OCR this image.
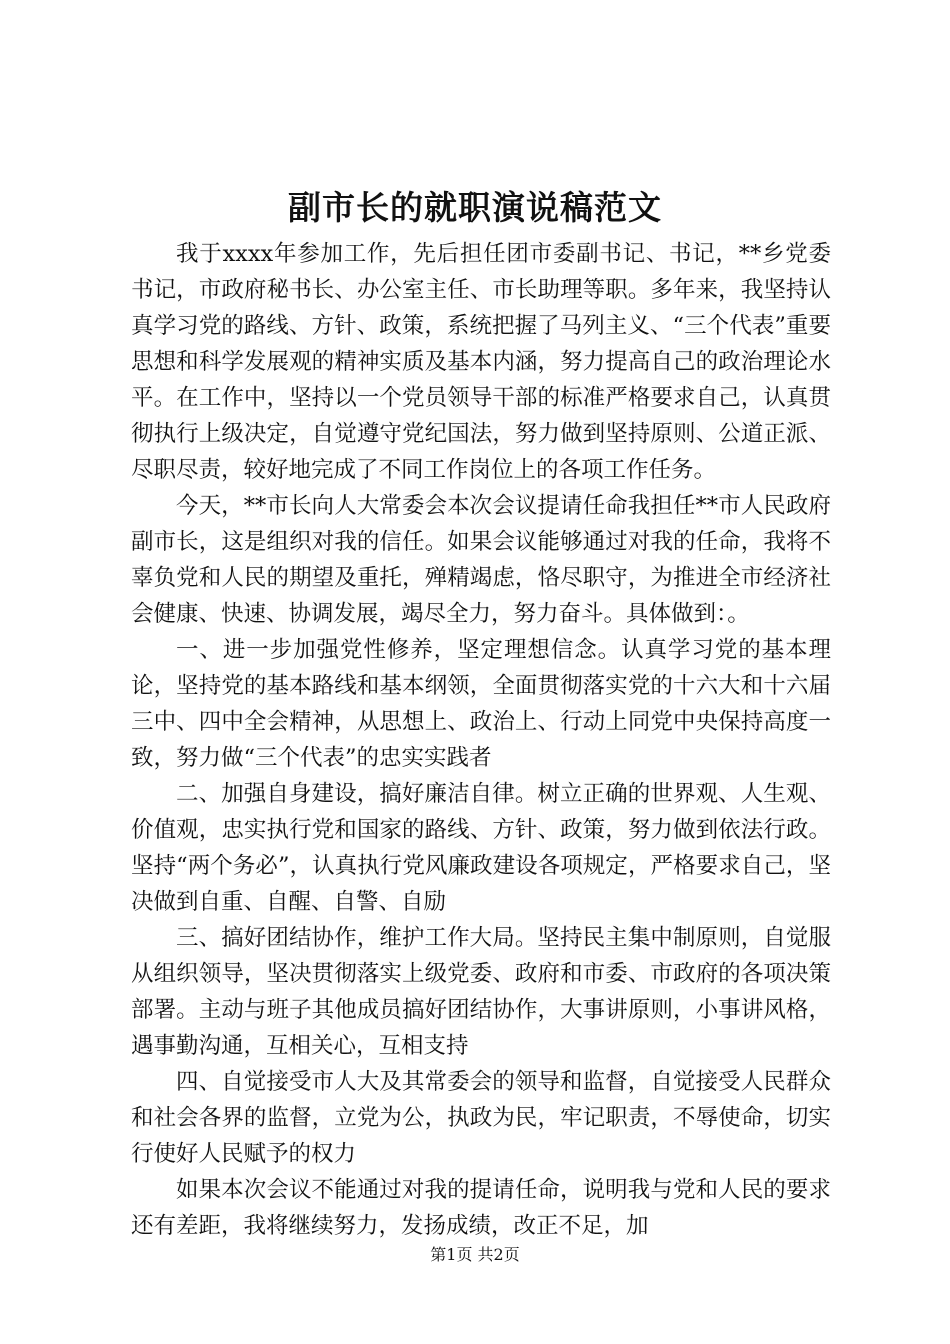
副市长的就职演说稿范文

我于xxxx年参加工作，先后担任团市委副书记、书记，**乡党委书记，市政府秘书长、办公室主任、市长助理等职。多年来，我坚持认真学习党的路线、方针、政策，系统把握了马列主义、“三个代表”重要思想和科学发展观的精神实质及基本内涵，努力提高自己的政治理论水平。在工作中，坚持以一个党员领导干部的标准严格要求自己，认真贯彻执行上级决定，自觉遵守党纪国法，努力做到坚持原则、公道正派、尽职尽责，较好地完成了不同工作岗位上的各项工作任务。

今天，**市长向人大常委会本次会议提请任命我担任**市人民政府副市长，这是组织对我的信任。如果会议能够通过对我的任命，我将不辜负党和人民的期望及重托，殚精竭虑，恪尽职守，为推进全市经济社会健康、快速、协调发展，竭尽全力，努力奋斗。具体做到：。

一、进一步加强党性修养，坚定理想信念。认真学习党的基本理论，坚持党的基本路线和基本纲领，全面贯彻落实党的十六大和十六届三中、四中全会精神，从思想上、政治上、行动上同党中央保持高度一致，努力做“三个代表”的忠实实践者

二、加强自身建设，搞好廉洁自律。树立正确的世界观、人生观、价值观，忠实执行党和国家的路线、方针、政策，努力做到依法行政。坚持“两个务必”，认真执行党风廉政建设各项规定，严格要求自己，坚决做到自重、自醒、自警、自励

三、搞好团结协作，维护工作大局。坚持民主集中制原则，自觉服从组织领导，坚决贯彻落实上级党委、政府和市委、市政府的各项决策部署。主动与班子其他成员搞好团结协作，大事讲原则，小事讲风格，遇事勤沟通，互相关心，互相支持

四、自觉接受市人大及其常委会的领导和监督，自觉接受人民群众和社会各界的监督，立党为公，执政为民，牢记职责，不辱使命，切实行使好人民赋予的权力

如果本次会议不能通过对我的提请任命，说明我与党和人民的要求还有差距，我将继续努力，发扬成绩，改正不足，加

第1页 共2页
